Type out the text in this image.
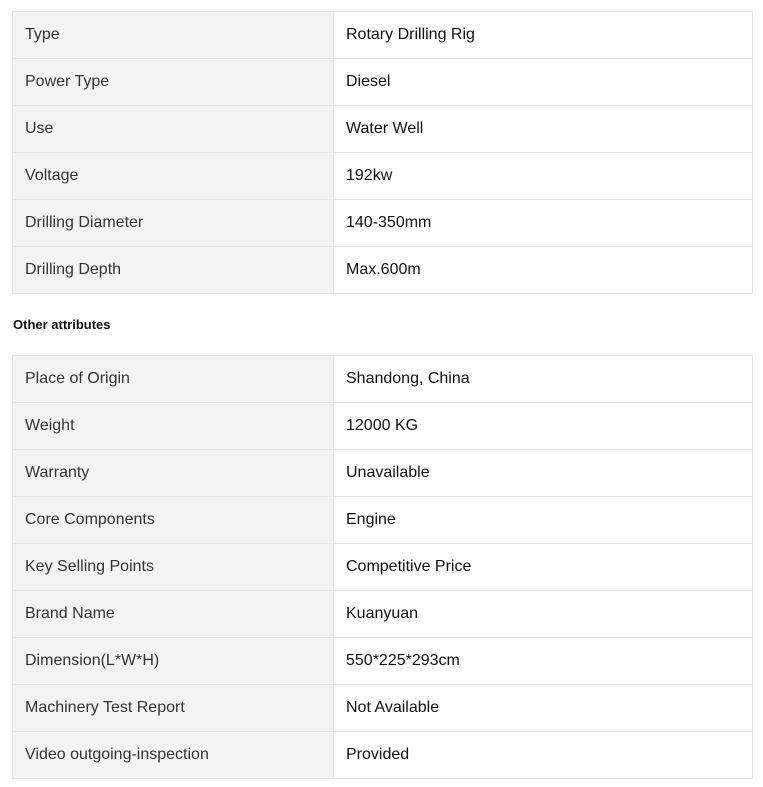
Type	Rotary Drilling Rig
Power Type	Diesel
Use	Water Well
Voltage	192kw
Drilling Diameter	140-350mm
Drilling Depth	Max.600m
Other attributes
Place of Origin	Shandong, China
Weight	12000 KG
Warranty	Unavailable
Core Components	Engine
Key Selling Points	Competitive Price
Brand Name	Kuanyuan
Dimension(L*W*H)	550*225*293cm
Machinery Test Report	Not Available
Video outgoing-inspection	Provided
